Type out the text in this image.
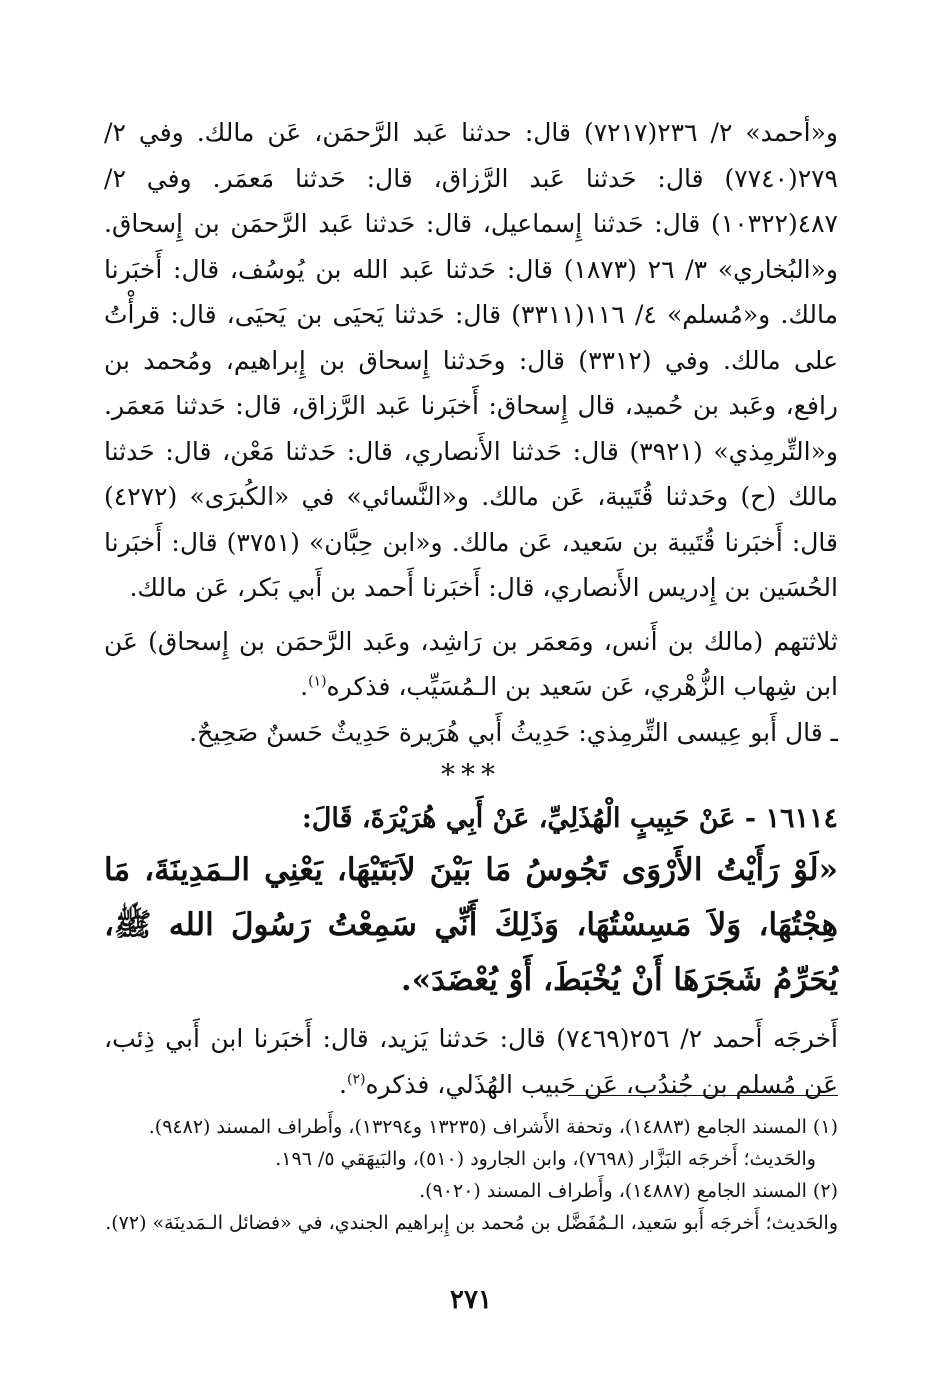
و«أحمد» ٢/ ٢٣٦(٧٢١٧) قال: حدثنا عَبد الرَّحمَن، عَن مالك. وفي ٢/ ٢٧٩(٧٧٤٠) قال: حَدثنا عَبد الرَّزاق، قال: حَدثنا مَعمَر. وفي ٢/ ٤٨٧(١٠٣٢٢) قال: حَدثنا إِسماعيل، قال: حَدثنا عَبد الرَّحمَن بن إِسحاق. و«البُخاري» ٣/ ٢٦ (١٨٧٣) قال: حَدثنا عَبد الله بن يُوسُف، قال: أَخبَرنا مالك. و«مُسلم» ٤/ ١١٦(٣٣١١) قال: حَدثنا يَحيَى بن يَحيَى، قال: قرأْتُ على مالك. وفي (٣٣١٢) قال: وحَدثنا إِسحاق بن إِبراهيم، ومُحمد بن رافع، وعَبد بن حُميد، قال إِسحاق: أَخبَرنا عَبد الرَّزاق، قال: حَدثنا مَعمَر. و«التِّرمِذي» (٣٩٢١) قال: حَدثنا الأَنصاري، قال: حَدثنا مَعْن، قال: حَدثنا مالك (ح) وحَدثنا قُتَيبة، عَن مالك. و«النَّسائي» في «الكُبرَى» (٤٢٧٢) قال: أَخبَرنا قُتَيبة بن سَعيد، عَن مالك. و«ابن حِبَّان» (٣٧٥١) قال: أَخبَرنا الحُسَين بن إِدريس الأَنصاري، قال: أَخبَرنا أَحمد بن أَبي بَكر، عَن مالك.

ثلاثتهم (مالك بن أَنس، ومَعمَر بن رَاشِد، وعَبد الرَّحمَن بن إِسحاق) عَن ابن شِهاب الزُّهْري، عَن سَعيد بن الـمُسَيِّب، فذكره$^{(١)}$.

ـ قال أَبو عِيسى التِّرمِذي: حَدِيثُ أَبي هُرَيرة حَدِيثٌ حَسنٌ صَحِيحٌ.

***

١٦١١٤ - عَنْ حَبِيبٍ الْهُذَلِيِّ، عَنْ أَبِي هُرَيْرَةَ، قَالَ:

«لَوْ رَأَيْتُ الأَرْوَى تَجُوسُ مَا بَيْنَ لاَبَتَيْهَا، يَعْنِي الـمَدِينَةَ، مَا هِجْتُهَا، وَلاَ مَسِسْتُهَا، وَذَلِكَ أَنِّي سَمِعْتُ رَسُولَ الله ﷺ، يُحَرِّمُ شَجَرَهَا أَنْ يُخْبَطَ، أَوْ يُعْضَدَ».

أَخرجَه أَحمد ٢/ ٢٥٦(٧٤٦٩) قال: حَدثنا يَزيد، قال: أَخبَرنا ابن أَبي ذِئب، عَن مُسلم بن جُندُب، عَن حَبيب الهُذَلي، فذكره$^{(٢)}$.

(١) المسند الجامع (١٤٨٨٣)، وتحفة الأَشراف (١٣٢٣٥ و١٣٢٩٤)، وأَطراف المسند (٩٤٨٢).

والحَديث؛ أَخرجَه البَزَّار (٧٦٩٨)، وابن الجارود (٥١٠)، والبَيهَقي ٥/ ١٩٦.

(٢) المسند الجامع (١٤٨٨٧)، وأَطراف المسند (٩٠٢٠).

والحَديث؛ أَخرجَه أَبو سَعيد، الـمُفَضَّل بن مُحمد بن إِبراهيم الجندي، في «فضائل الـمَدينَة» (٧٢).

٢٧١
